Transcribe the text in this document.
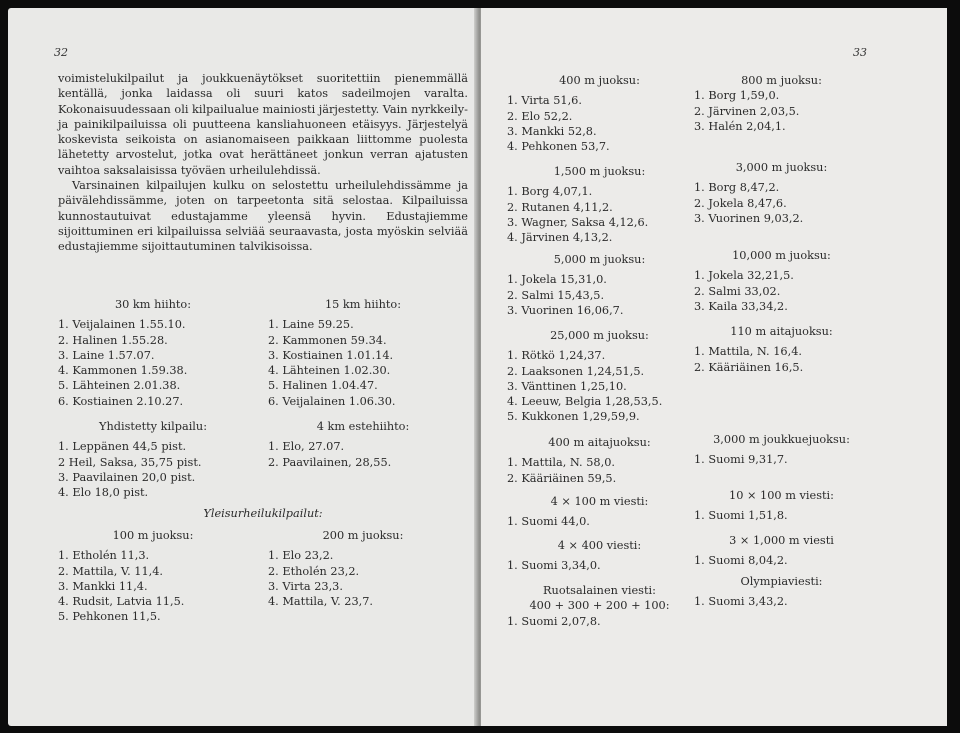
32

voimistelukilpailut ja joukkuenäytökset suoritettiin pienemmällä kentällä, jonka laidassa oli suuri katos sadeilmojen varalta. Kokonaisuudessaan oli kilpailualue mainiosti järjestetty. Vain nyrkkeily- ja painikilpailuissa oli puutteena kansliahuoneen etäisyys. Järjestelyä koskevista seikoista on asianomaiseen paikkaan liittomme puolesta lähetetty arvostelut, jotka ovat herättäneet jonkun verran ajatusten vaihtoa saksalaisissa työväen urheilulehdissä.

Varsinainen kilpailujen kulku on selostettu urheilulehdissämme ja päivälehdissämme, joten on tarpeetonta sitä selostaa. Kilpailuissa kunnostautuivat edustajamme yleensä hyvin. Edustajiemme sijoittuminen eri kilpailuissa selviää seuraavasta, josta myöskin selviää edustajiemme sijoittautuminen talvikisoissa.

30 km hiihto:
1. Veijalainen 1.55.10.
2. Halinen 1.55.28.
3. Laine 1.57.07.
4. Kammonen 1.59.38.
5. Lähteinen 2.01.38.
6. Kostiainen 2.10.27.
15 km hiihto:
1. Laine 59.25.
2. Kammonen 59.34.
3. Kostiainen 1.01.14.
4. Lähteinen 1.02.30.
5. Halinen 1.04.47.
6. Veijalainen 1.06.30.
Yhdistetty kilpailu:
1. Leppänen 44,5 pist.
2 Heil, Saksa, 35,75 pist.
3. Paavilainen 20,0 pist.
4. Elo 18,0 pist.
4 km estehiihto:
1. Elo, 27.07.
2. Paavilainen, 28,55.
Yleisurheilukilpailut:
100 m juoksu:
1. Etholén 11,3.
2. Mattila, V. 11,4.
3. Mankki 11,4.
4. Rudsit, Latvia 11,5.
5. Pehkonen 11,5.
200 m juoksu:
1. Elo 23,2.
2. Etholén 23,2.
3. Virta 23,3.
4. Mattila, V. 23,7.
33
400 m juoksu:
1. Virta 51,6.
2. Elo 52,2.
3. Mankki 52,8.
4. Pehkonen 53,7.
1,500 m juoksu:
1. Borg 4,07,1.
2. Rutanen 4,11,2.
3. Wagner, Saksa 4,12,6.
4. Järvinen 4,13,2.
5,000 m juoksu:
1. Jokela 15,31,0.
2. Salmi 15,43,5.
3. Vuorinen 16,06,7.
25,000 m juoksu:
1. Rötkö 1,24,37.
2. Laaksonen 1,24,51,5.
3. Vänttinen 1,25,10.
4. Leeuw, Belgia 1,28,53,5.
5. Kukkonen 1,29,59,9.
400 m aitajuoksu:
1. Mattila, N. 58,0.
2. Kääriäinen 59,5.
4 × 100 m viesti:
1. Suomi 44,0.
4 × 400 viesti:
1. Suomi 3,34,0.
Ruotsalainen viesti:
400 + 300 + 200 + 100:
1. Suomi 2,07,8.
800 m juoksu:
1. Borg 1,59,0.
2. Järvinen 2,03,5.
3. Halén 2,04,1.
3,000 m juoksu:
1. Borg 8,47,2.
2. Jokela 8,47,6.
3. Vuorinen 9,03,2.
10,000 m juoksu:
1. Jokela 32,21,5.
2. Salmi 33,02.
3. Kaila 33,34,2.
110 m aitajuoksu:
1. Mattila, N. 16,4.
2. Kääriäinen 16,5.
3,000 m joukkuejuoksu:
1. Suomi 9,31,7.
10 × 100 m viesti:
1. Suomi 1,51,8.
3 × 1,000 m viesti
1. Suomi 8,04,2.
Olympiaviesti:
1. Suomi 3,43,2.
